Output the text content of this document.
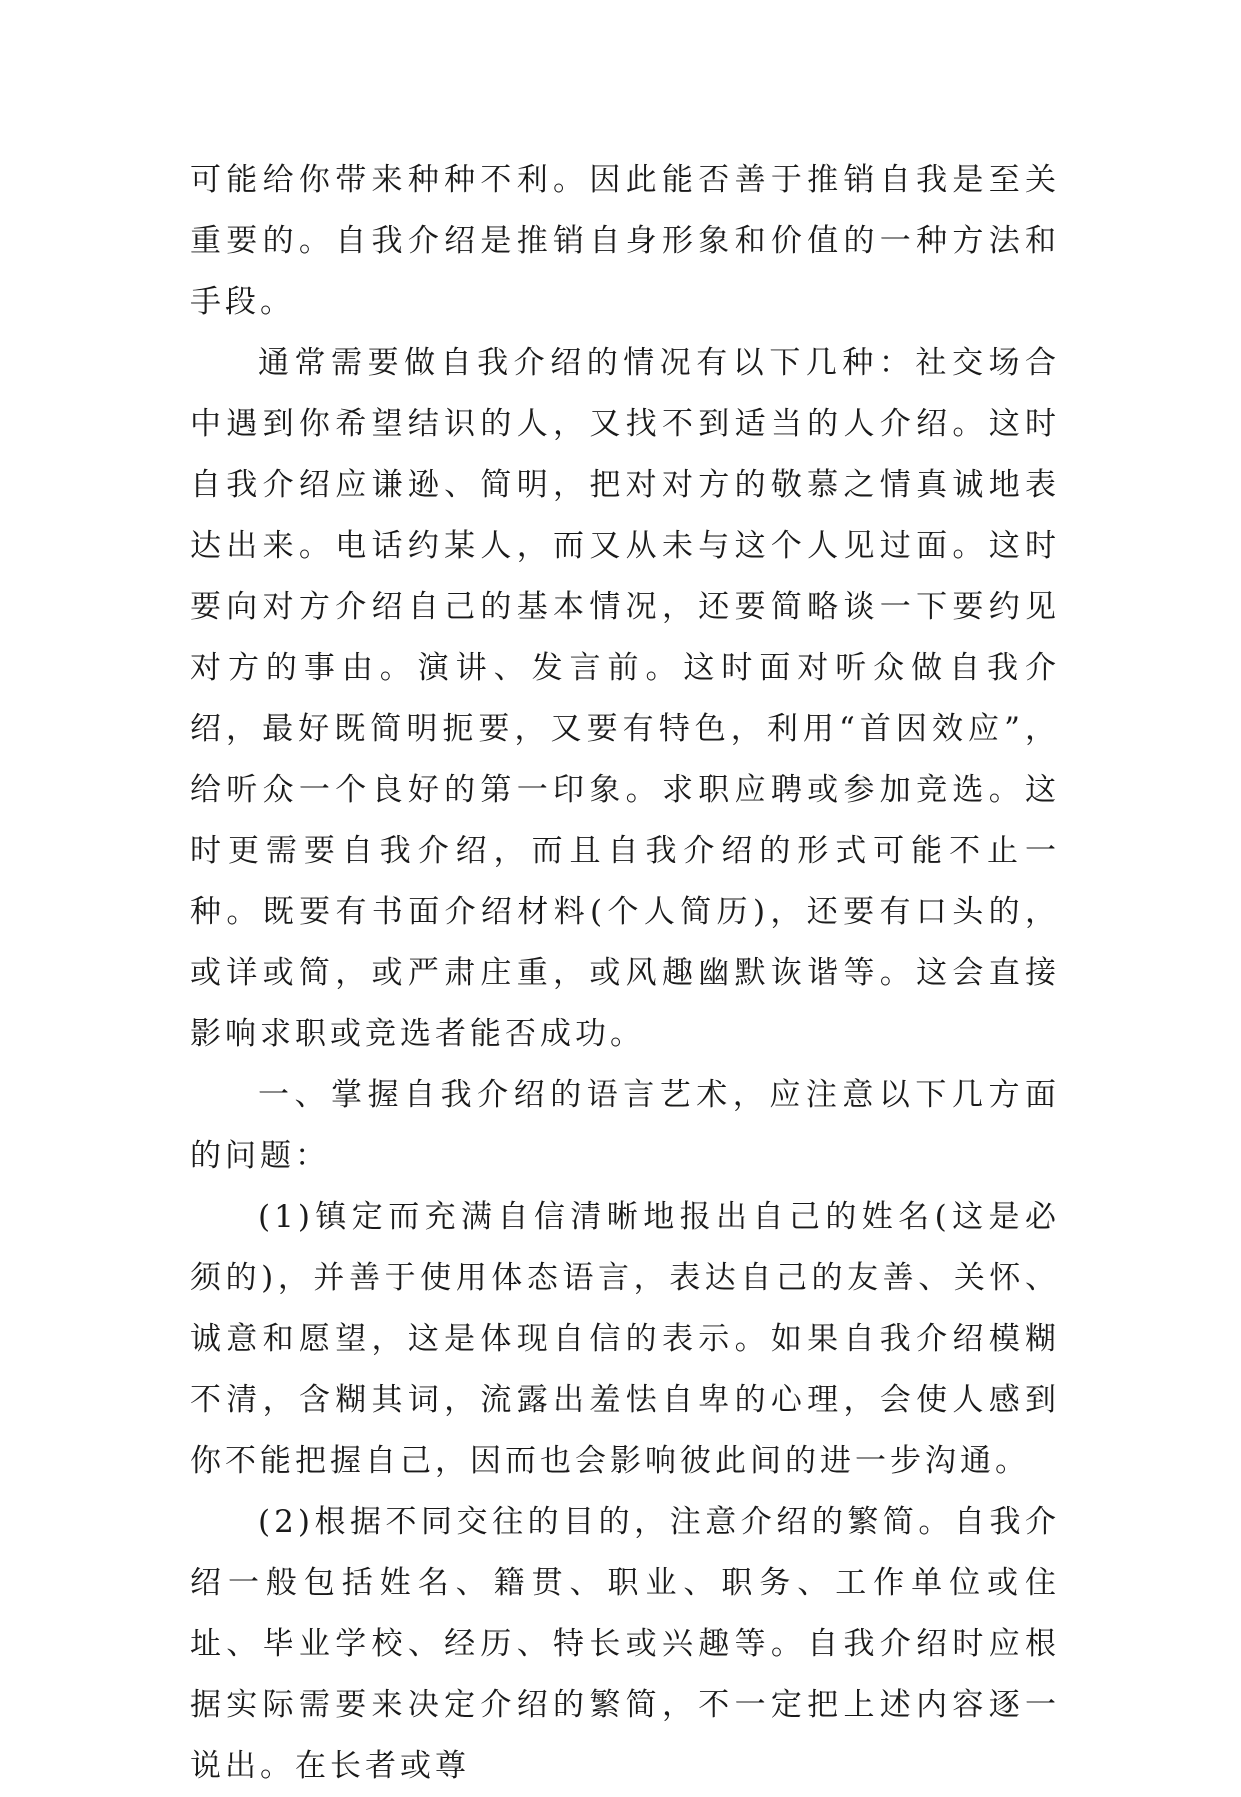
可能给你带来种种不利。因此能否善于推销自我是至关重要的。自我介绍是推销自身形象和价值的一种方法和手段。

通常需要做自我介绍的情况有以下几种：社交场合中遇到你希望结识的人，又找不到适当的人介绍。这时自我介绍应谦逊、简明，把对对方的敬慕之情真诚地表达出来。电话约某人，而又从未与这个人见过面。这时要向对方介绍自己的基本情况，还要简略谈一下要约见对方的事由。演讲、发言前。这时面对听众做自我介绍，最好既简明扼要，又要有特色，利用“首因效应”，给听众一个良好的第一印象。求职应聘或参加竞选。这时更需要自我介绍，而且自我介绍的形式可能不止一种。既要有书面介绍材料(个人简历)，还要有口头的，或详或简，或严肃庄重，或风趣幽默诙谐等。这会直接影响求职或竞选者能否成功。

一、掌握自我介绍的语言艺术，应注意以下几方面的问题：

(1)镇定而充满自信清晰地报出自己的姓名(这是必须的)，并善于使用体态语言，表达自己的友善、关怀、诚意和愿望，这是体现自信的表示。如果自我介绍模糊不清，含糊其词，流露出羞怯自卑的心理，会使人感到你不能把握自己，因而也会影响彼此间的进一步沟通。

(2)根据不同交往的目的，注意介绍的繁简。自我介绍一般包括姓名、籍贯、职业、职务、工作单位或住址、毕业学校、经历、特长或兴趣等。自我介绍时应根据实际需要来决定介绍的繁简，不一定把上述内容逐一说出。在长者或尊
